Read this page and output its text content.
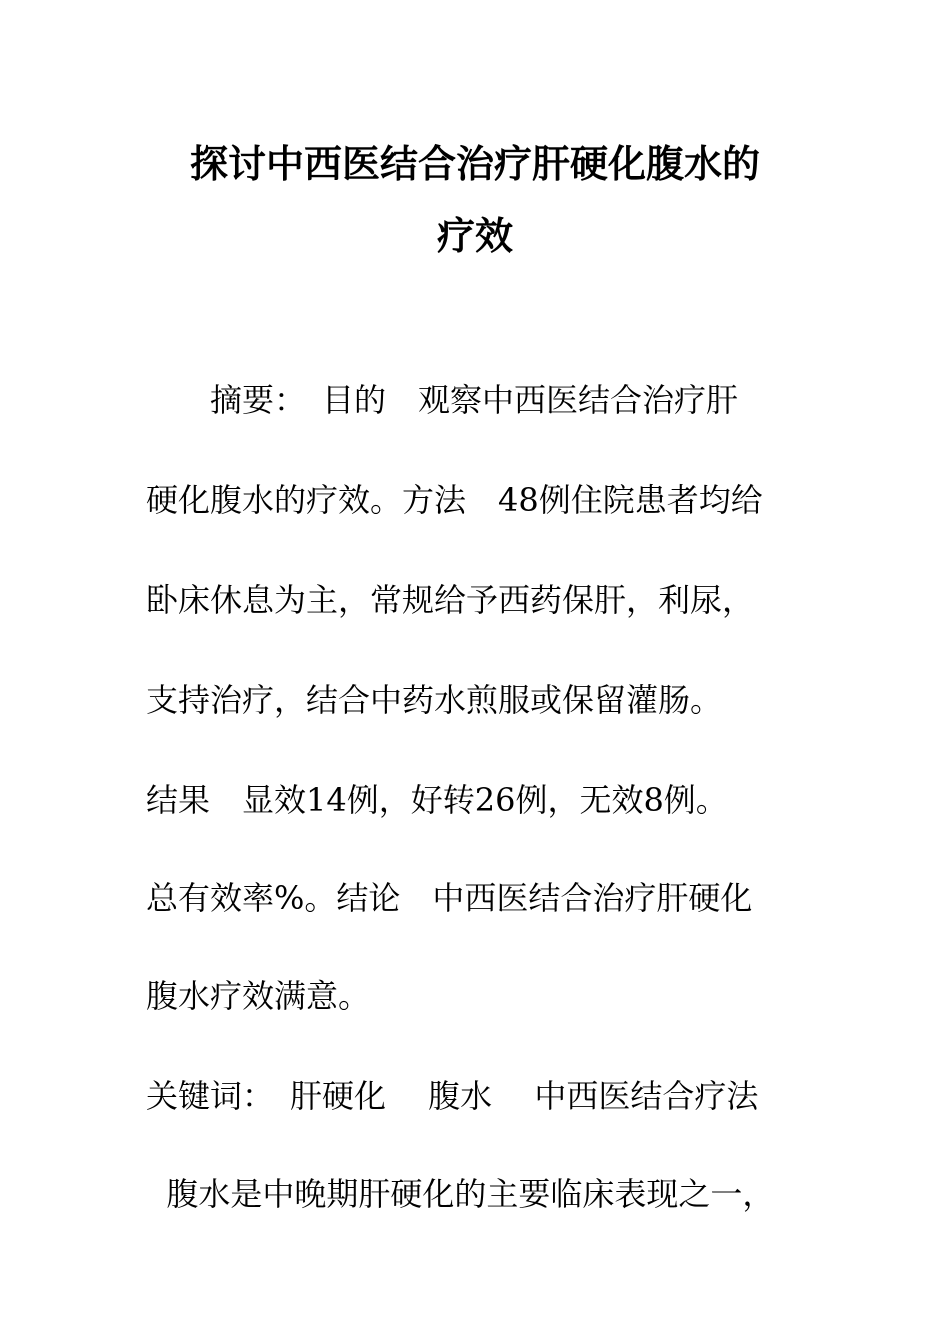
探讨中西医结合治疗肝硬化腹水的
疗效

　　摘要：　目的　观察中西医结合治疗肝

硬化腹水的疗效。方法　48例住院患者均给

卧床休息为主，常规给予西药保肝，利尿，

支持治疗，结合中药水煎服或保留灌肠。

结果　显效14例，好转26例，无效8例。

总有效率%。结论　中西医结合治疗肝硬化

腹水疗效满意。

关键词：　肝硬化　 腹水　 中西医结合疗法

腹水是中晚期肝硬化的主要临床表现之一，
